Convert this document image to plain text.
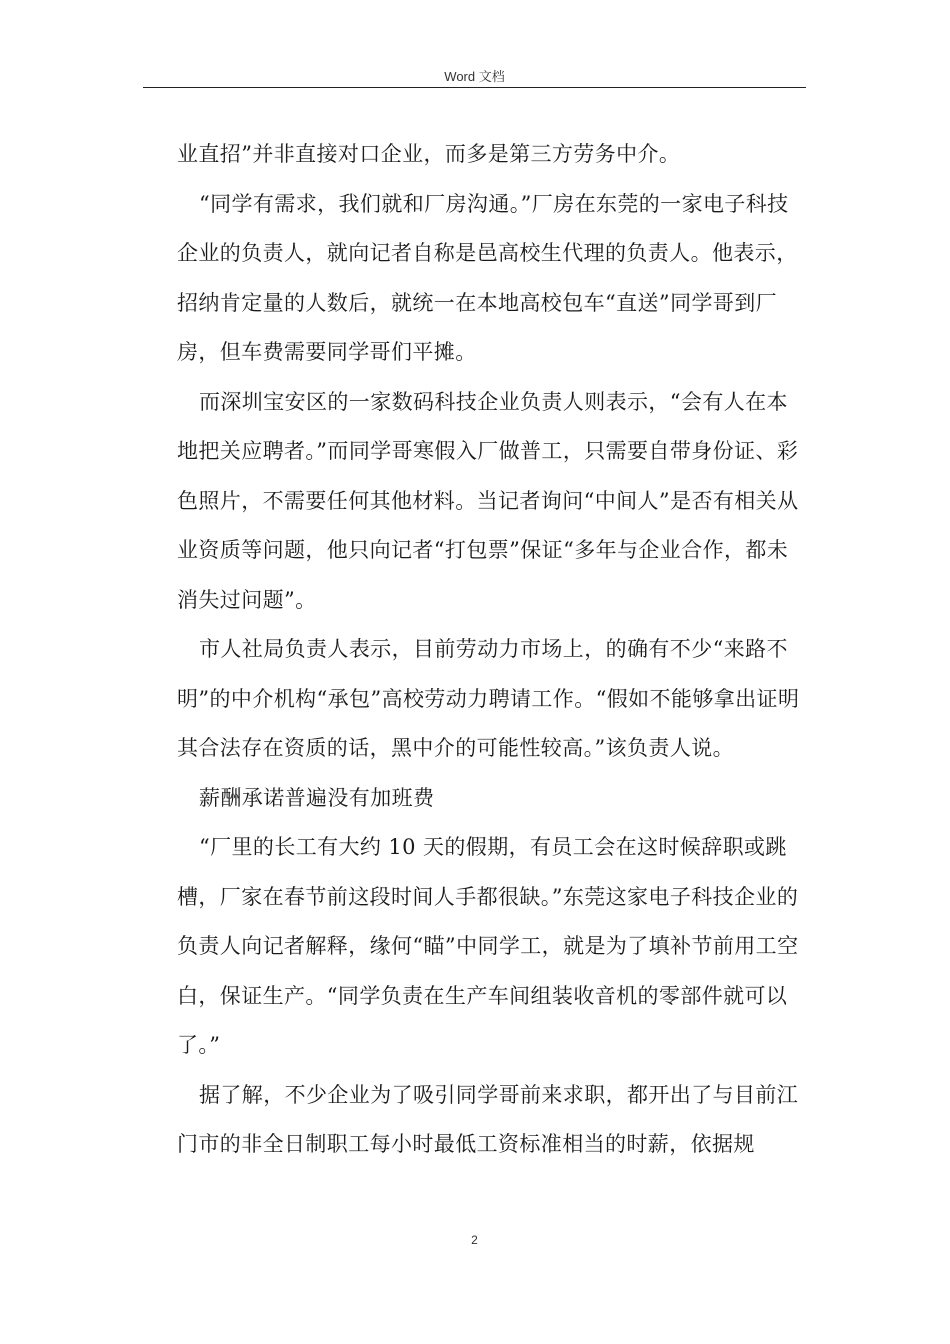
Word 文档

业直招”并非直接对口企业，而多是第三方劳务中介。

“同学有需求，我们就和厂房沟通。”厂房在东莞的一家电子科技企业的负责人，就向记者自称是邑高校生代理的负责人。他表示，招纳肯定量的人数后，就统一在本地高校包车“直送”同学哥到厂房，但车费需要同学哥们平摊。

而深圳宝安区的一家数码科技企业负责人则表示，“会有人在本地把关应聘者。”而同学哥寒假入厂做普工，只需要自带身份证、彩色照片，不需要任何其他材料。当记者询问“中间人”是否有相关从业资质等问题，他只向记者“打包票”保证“多年与企业合作，都未消失过问题”。

市人社局负责人表示，目前劳动力市场上，的确有不少“来路不明”的中介机构“承包”高校劳动力聘请工作。“假如不能够拿出证明其合法存在资质的话，黑中介的可能性较高。”该负责人说。

薪酬承诺普遍没有加班费

“厂里的长工有大约 10 天的假期，有员工会在这时候辞职或跳槽，厂家在春节前这段时间人手都很缺。”东莞这家电子科技企业的负责人向记者解释，缘何“瞄”中同学工，就是为了填补节前用工空白，保证生产。“同学负责在生产车间组装收音机的零部件就可以了。”

据了解，不少企业为了吸引同学哥前来求职，都开出了与目前江门市的非全日制职工每小时最低工资标准相当的时薪，依据规

2
